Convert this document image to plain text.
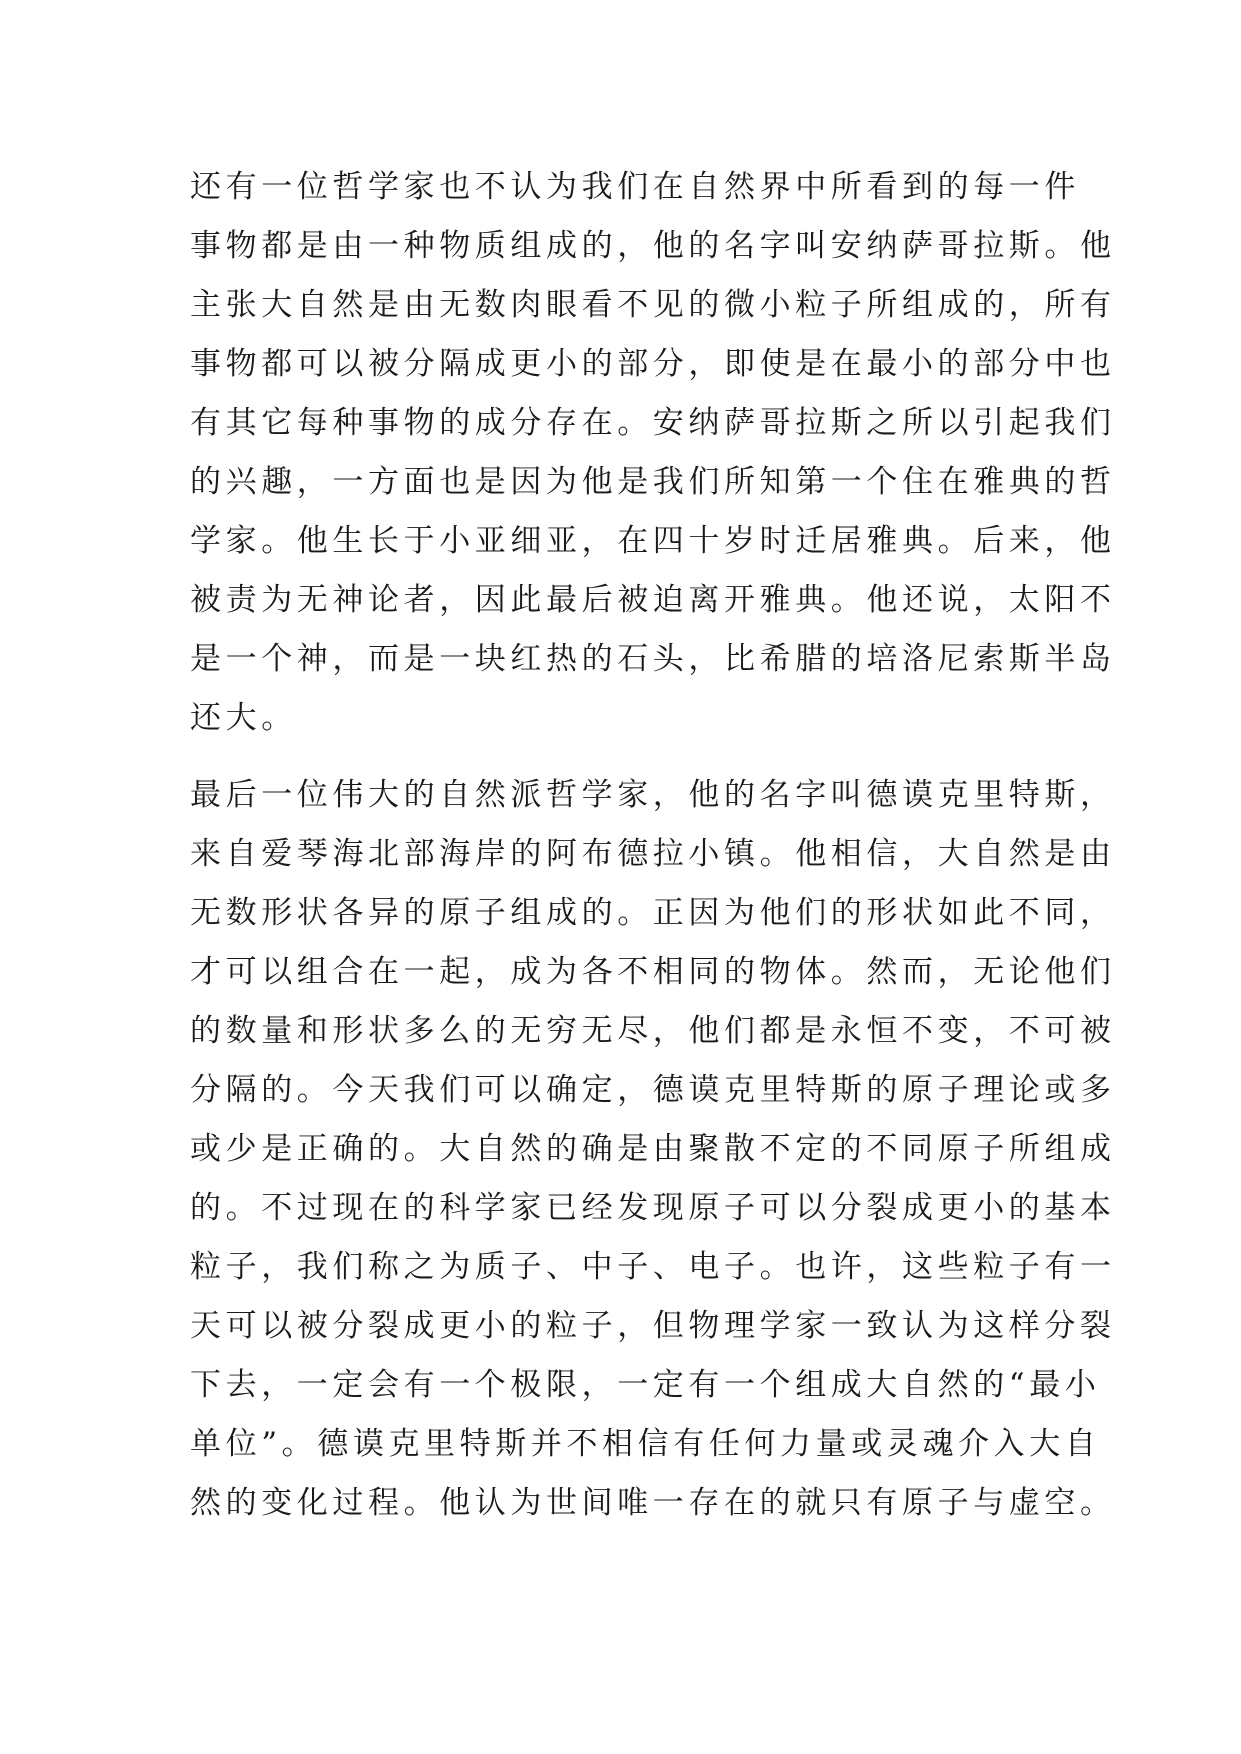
还有一位哲学家也不认为我们在自然界中所看到的每一件
事物都是由一种物质组成的，他的名字叫安纳萨哥拉斯。他
主张大自然是由无数肉眼看不见的微小粒子所组成的，所有
事物都可以被分隔成更小的部分，即使是在最小的部分中也
有其它每种事物的成分存在。安纳萨哥拉斯之所以引起我们
的兴趣，一方面也是因为他是我们所知第一个住在雅典的哲
学家。他生长于小亚细亚，在四十岁时迁居雅典。后来，他
被责为无神论者，因此最后被迫离开雅典。他还说，太阳不
是一个神，而是一块红热的石头，比希腊的培洛尼索斯半岛
还大。
最后一位伟大的自然派哲学家，他的名字叫德谟克里特斯，
来自爱琴海北部海岸的阿布德拉小镇。他相信，大自然是由
无数形状各异的原子组成的。正因为他们的形状如此不同，
才可以组合在一起，成为各不相同的物体。然而，无论他们
的数量和形状多么的无穷无尽，他们都是永恒不变，不可被
分隔的。今天我们可以确定，德谟克里特斯的原子理论或多
或少是正确的。大自然的确是由聚散不定的不同原子所组成
的。不过现在的科学家已经发现原子可以分裂成更小的基本
粒子，我们称之为质子、中子、电子。也许，这些粒子有一
天可以被分裂成更小的粒子，但物理学家一致认为这样分裂
下去，一定会有一个极限，一定有一个组成大自然的“最小
单位”。德谟克里特斯并不相信有任何力量或灵魂介入大自
然的变化过程。他认为世间唯一存在的就只有原子与虚空。
